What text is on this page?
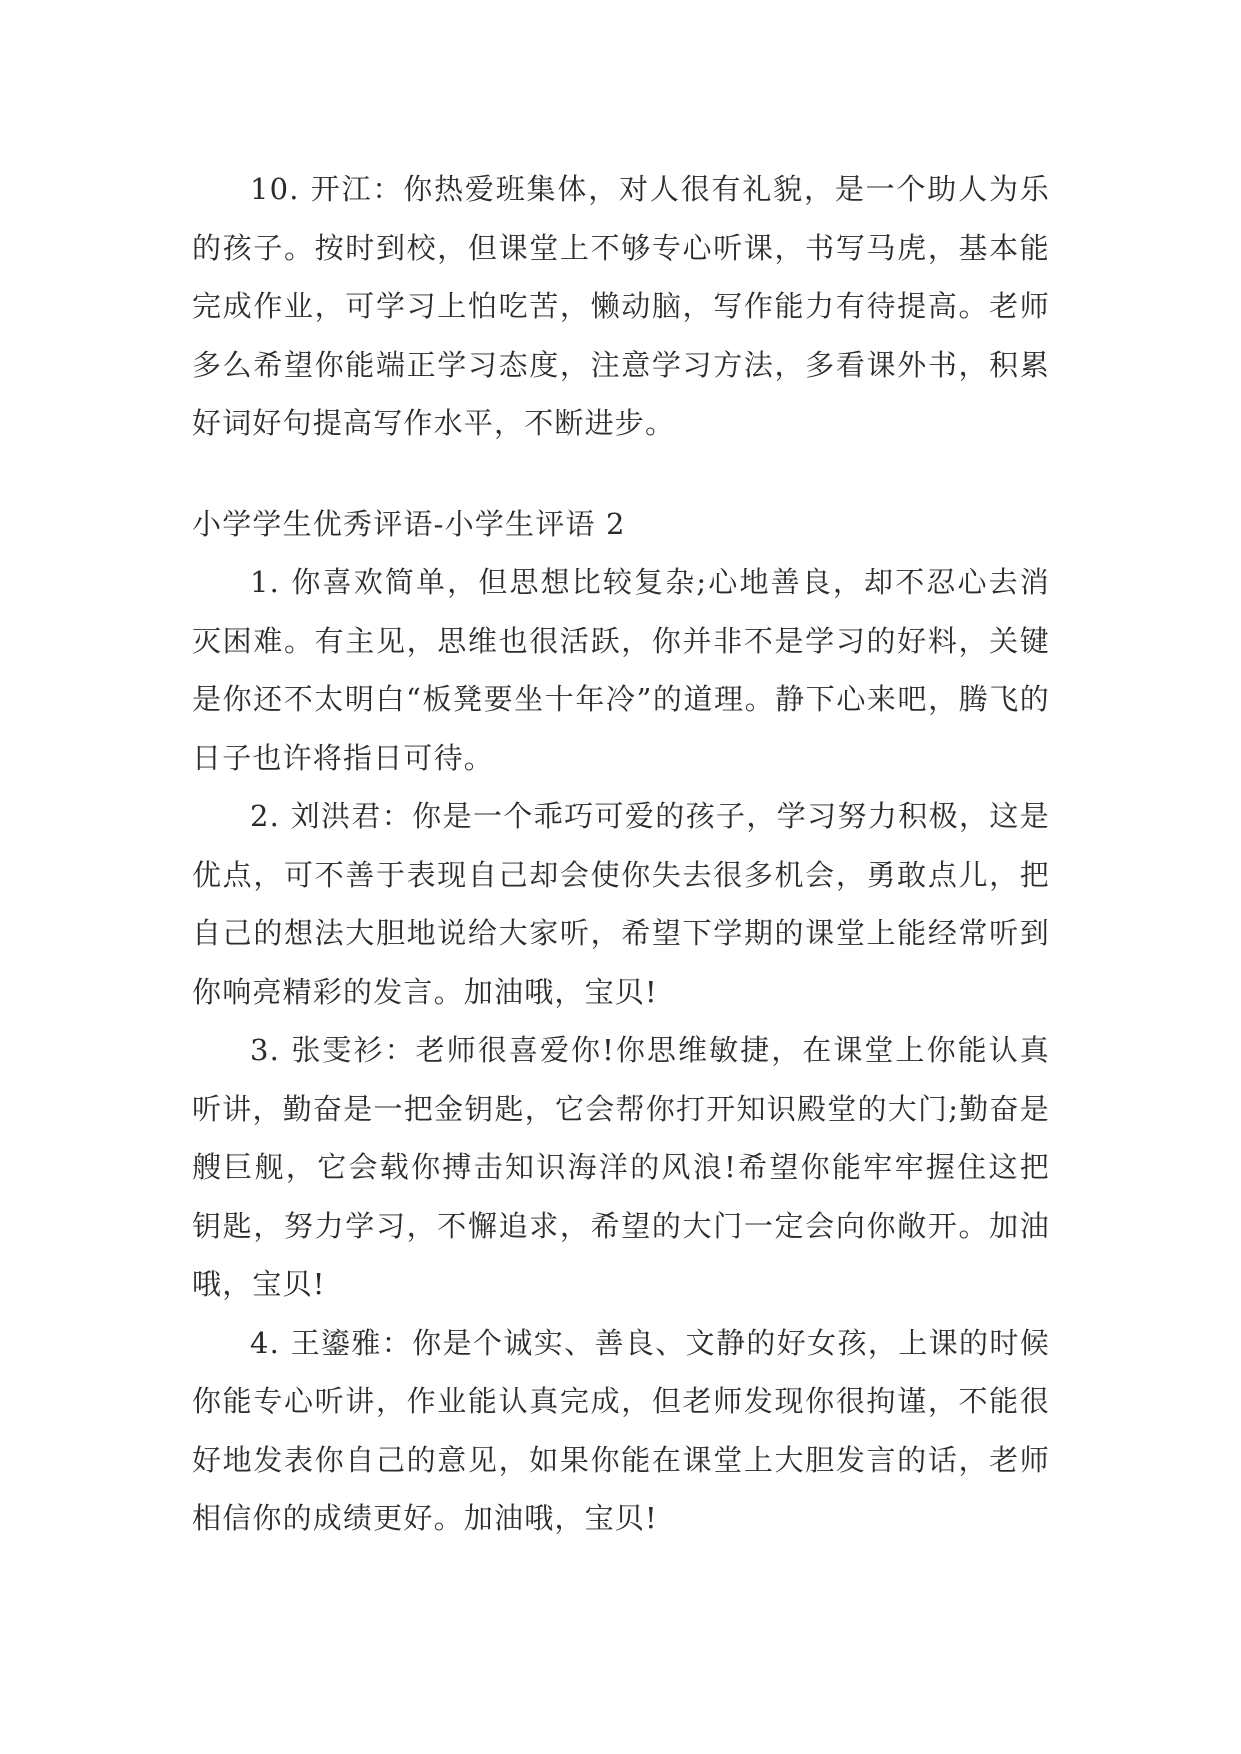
10. 开江：你热爱班集体，对人很有礼貌，是一个助人为乐的孩子。按时到校，但课堂上不够专心听课，书写马虎，基本能完成作业，可学习上怕吃苦，懒动脑，写作能力有待提高。老师多么希望你能端正学习态度，注意学习方法，多看课外书，积累好词好句提高写作水平，不断进步。

小学学生优秀评语-小学生评语 2

1. 你喜欢简单，但思想比较复杂;心地善良，却不忍心去消灭困难。有主见，思维也很活跃，你并非不是学习的好料，关键是你还不太明白“板凳要坐十年冷”的道理。静下心来吧，腾飞的日子也许将指日可待。

2. 刘洪君：你是一个乖巧可爱的孩子，学习努力积极，这是优点，可不善于表现自己却会使你失去很多机会，勇敢点儿，把自己的想法大胆地说给大家听，希望下学期的课堂上能经常听到你响亮精彩的发言。加油哦，宝贝!

3. 张雯衫：老师很喜爱你!你思维敏捷，在课堂上你能认真听讲，勤奋是一把金钥匙，它会帮你打开知识殿堂的大门;勤奋是艘巨舰，它会载你搏击知识海洋的风浪!希望你能牢牢握住这把钥匙，努力学习，不懈追求，希望的大门一定会向你敞开。加油哦，宝贝!

4. 王鎏雅：你是个诚实、善良、文静的好女孩，上课的时候你能专心听讲，作业能认真完成，但老师发现你很拘谨，不能很好地发表你自己的意见，如果你能在课堂上大胆发言的话，老师相信你的成绩更好。加油哦，宝贝!
